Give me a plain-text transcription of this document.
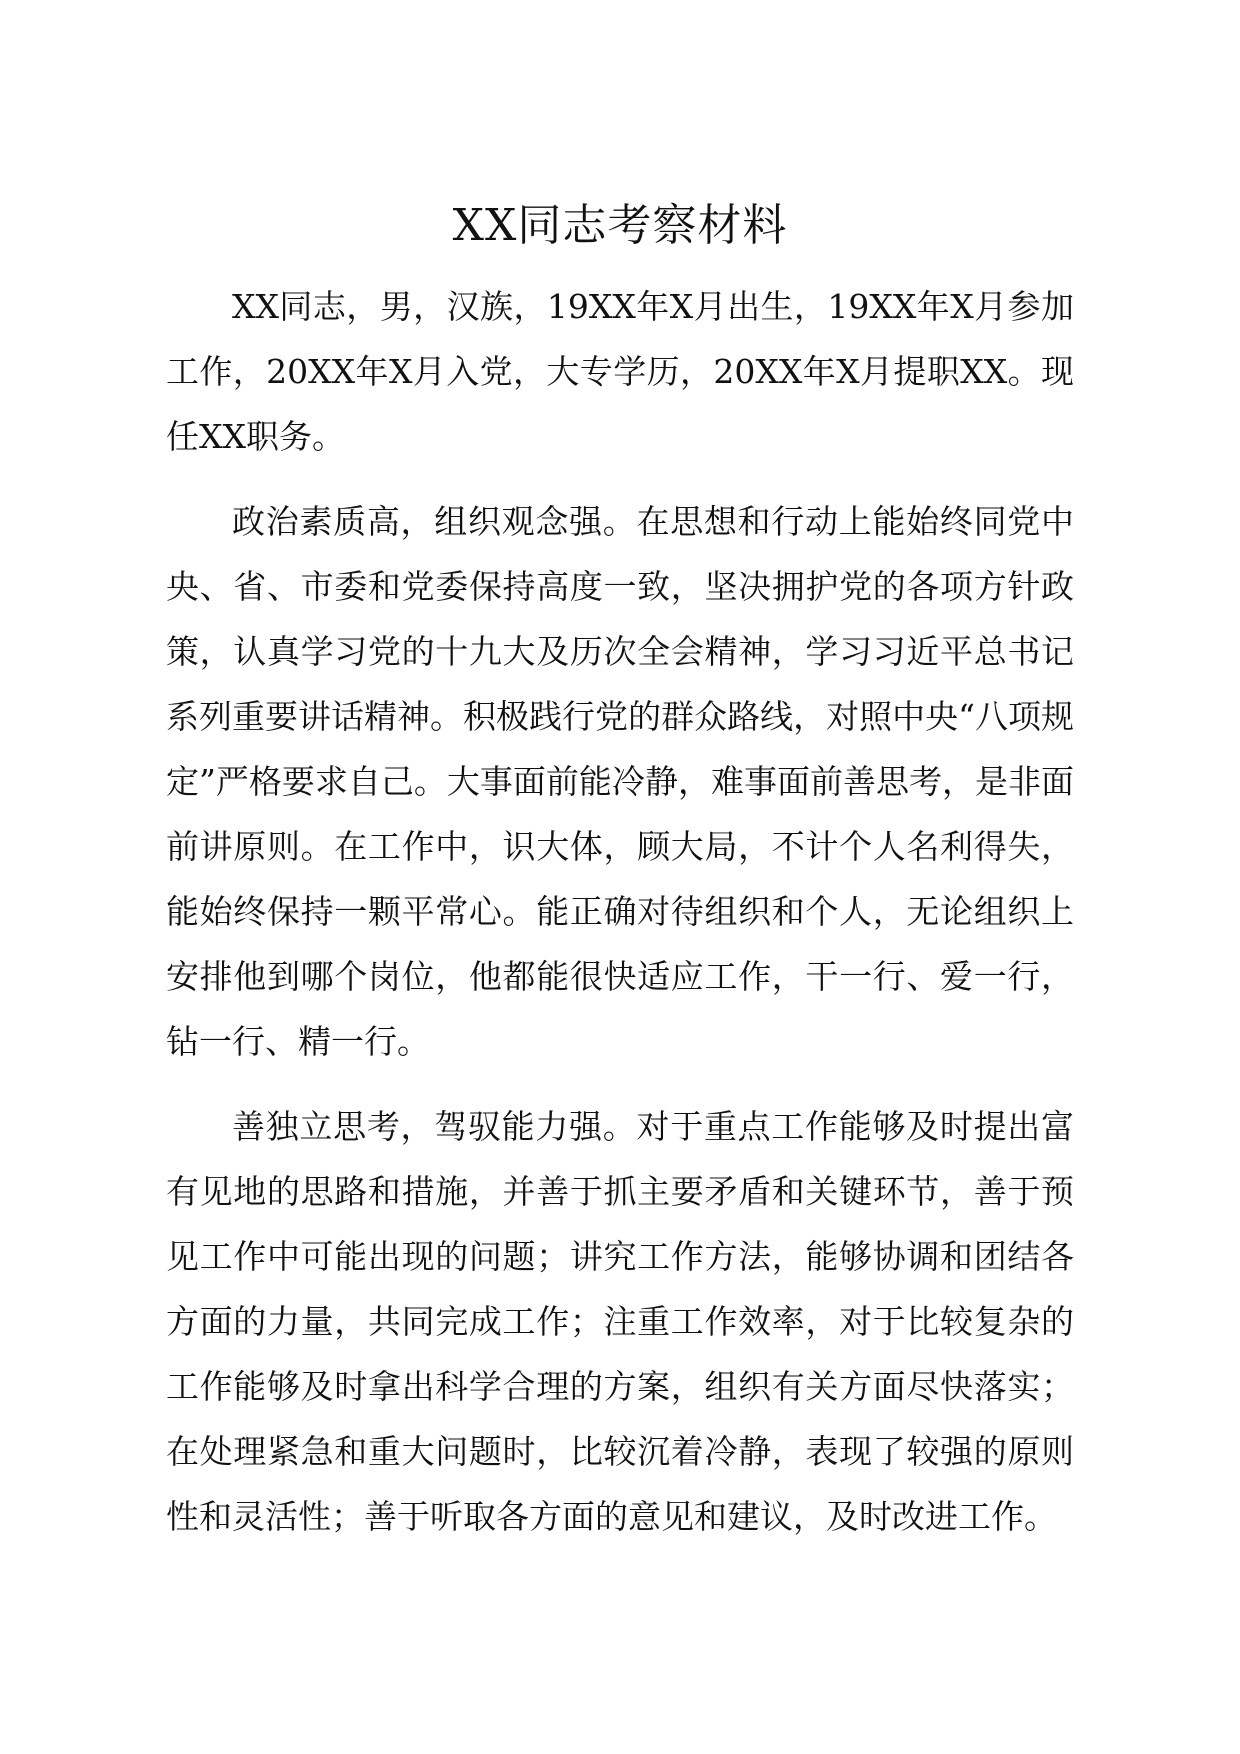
XX同志考察材料

XX同志，男，汉族，19XX年X月出生，19XX年X月参加工作，20XX年X月入党，大专学历，20XX年X月提职XX。现任XX职务。

政治素质高，组织观念强。在思想和行动上能始终同党中央、省、市委和党委保持高度一致，坚决拥护党的各项方针政策，认真学习党的十九大及历次全会精神，学习习近平总书记系列重要讲话精神。积极践行党的群众路线，对照中央“八项规定”严格要求自己。大事面前能冷静，难事面前善思考，是非面前讲原则。在工作中，识大体，顾大局，不计个人名利得失，能始终保持一颗平常心。能正确对待组织和个人，无论组织上安排他到哪个岗位，他都能很快适应工作，干一行、爱一行，钻一行、精一行。

善独立思考，驾驭能力强。对于重点工作能够及时提出富有见地的思路和措施，并善于抓主要矛盾和关键环节，善于预见工作中可能出现的问题；讲究工作方法，能够协调和团结各方面的力量，共同完成工作；注重工作效率，对于比较复杂的工作能够及时拿出科学合理的方案，组织有关方面尽快落实；在处理紧急和重大问题时，比较沉着冷静，表现了较强的原则性和灵活性；善于听取各方面的意见和建议，及时改进工作。
